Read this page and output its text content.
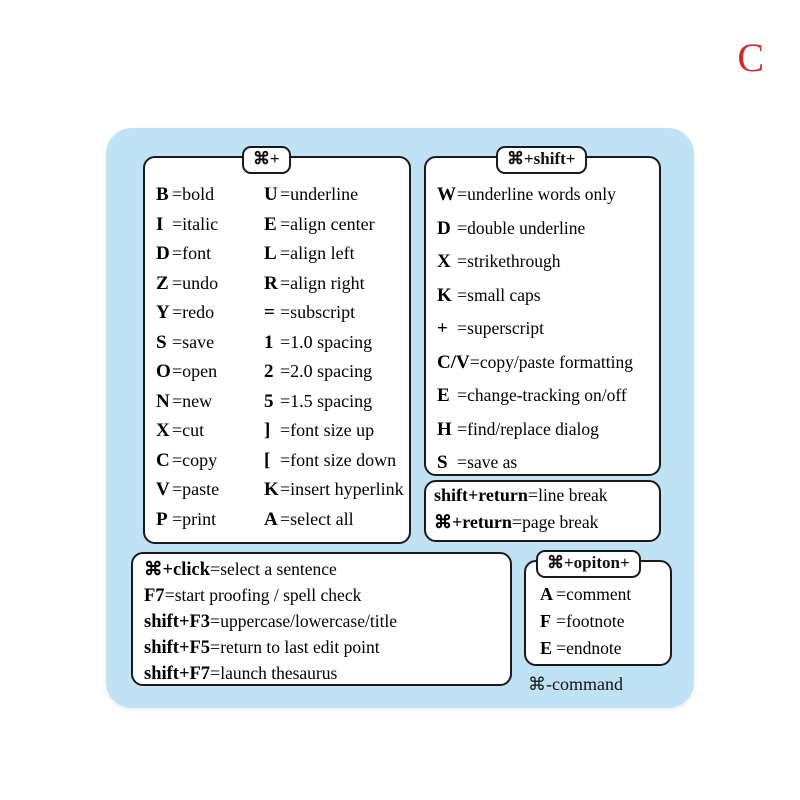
C
B = bold
I = italic
D = font
Z = undo
Y = redo
S = save
O = open
N = new
X = cut
C = copy
V = paste
P = print
U = underline
E = align center
L = align left
R = align right
= = subscript
1 = 1.0 spacing
2 = 2.0 spacing
5 = 1.5 spacing
] = font size up
[ = font size down
K = insert hyperlink
A = select all
⌘+
W = underline words only
D = double underline
X = strikethrough
K = small caps
+ = superscript
C/V = copy/paste formatting
E = change-tracking on/off
H = find/replace dialog
S = save as
⌘+shift+
shift+return = line break
⌘+return = page break
⌘+click = select a sentence
F7 = start proofing / spell check
shift+F3 = uppercase/lowercase/title
shift+F5 = return to last edit point
shift+F7 = launch thesaurus
A = comment
F = footnote
E = endnote
⌘+opiton+
⌘-command
